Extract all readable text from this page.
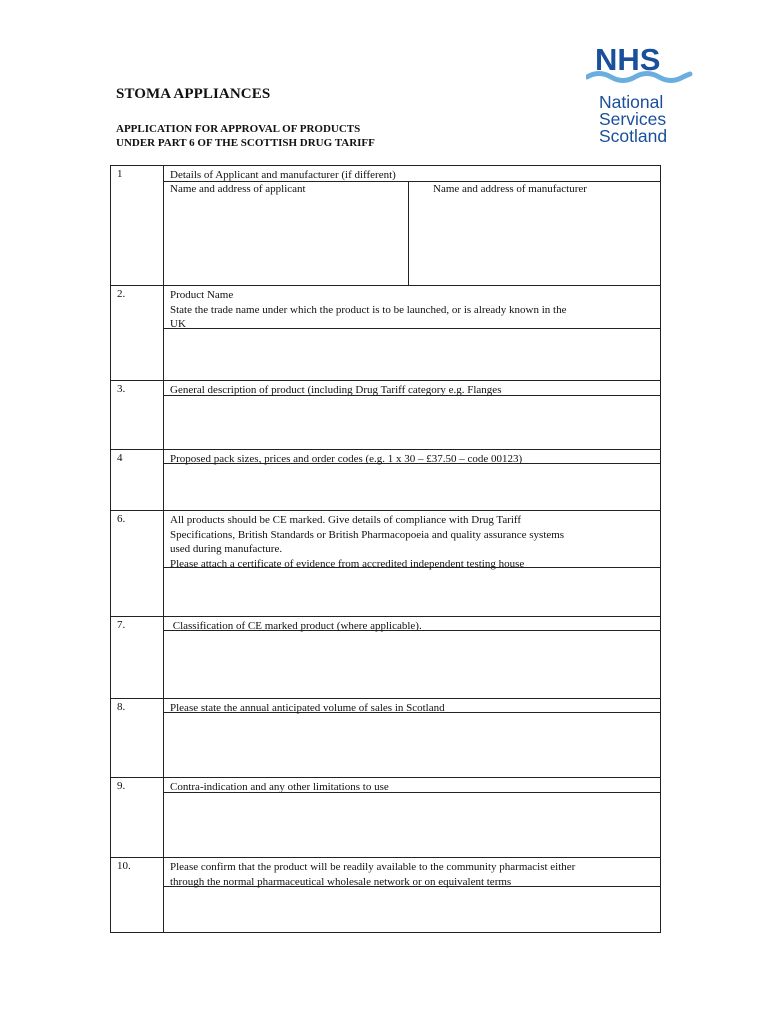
NHS
National
Services
Scotland
STOMA APPLIANCES
APPLICATION FOR APPROVAL OF PRODUCTS
UNDER PART 6 OF THE SCOTTISH DRUG TARIFF
1	Details of Applicant and manufacturer (if different)
Name and address of applicant	Name and address of manufacturer
2.	Product Name
State the trade name under which the product is to be launched, or is already known in the
UK
3.	General description of product (including Drug Tariff category e.g. Flanges
4	Proposed pack sizes, prices and order codes (e.g. 1 x 30 – £37.50 – code 00123)
6.	All products should be CE marked. Give details of compliance with Drug Tariff
Specifications, British Standards or British Pharmacopoeia and quality assurance systems
used during manufacture.
Please attach a certificate of evidence from accredited independent testing house
7.	Classification of CE marked product (where applicable).
8.	Please state the annual anticipated volume of sales in Scotland
9.	Contra-indication and any other limitations to use
10.	Please confirm that the product will be readily available to the community pharmacist either
through the normal pharmaceutical wholesale network or on equivalent terms
